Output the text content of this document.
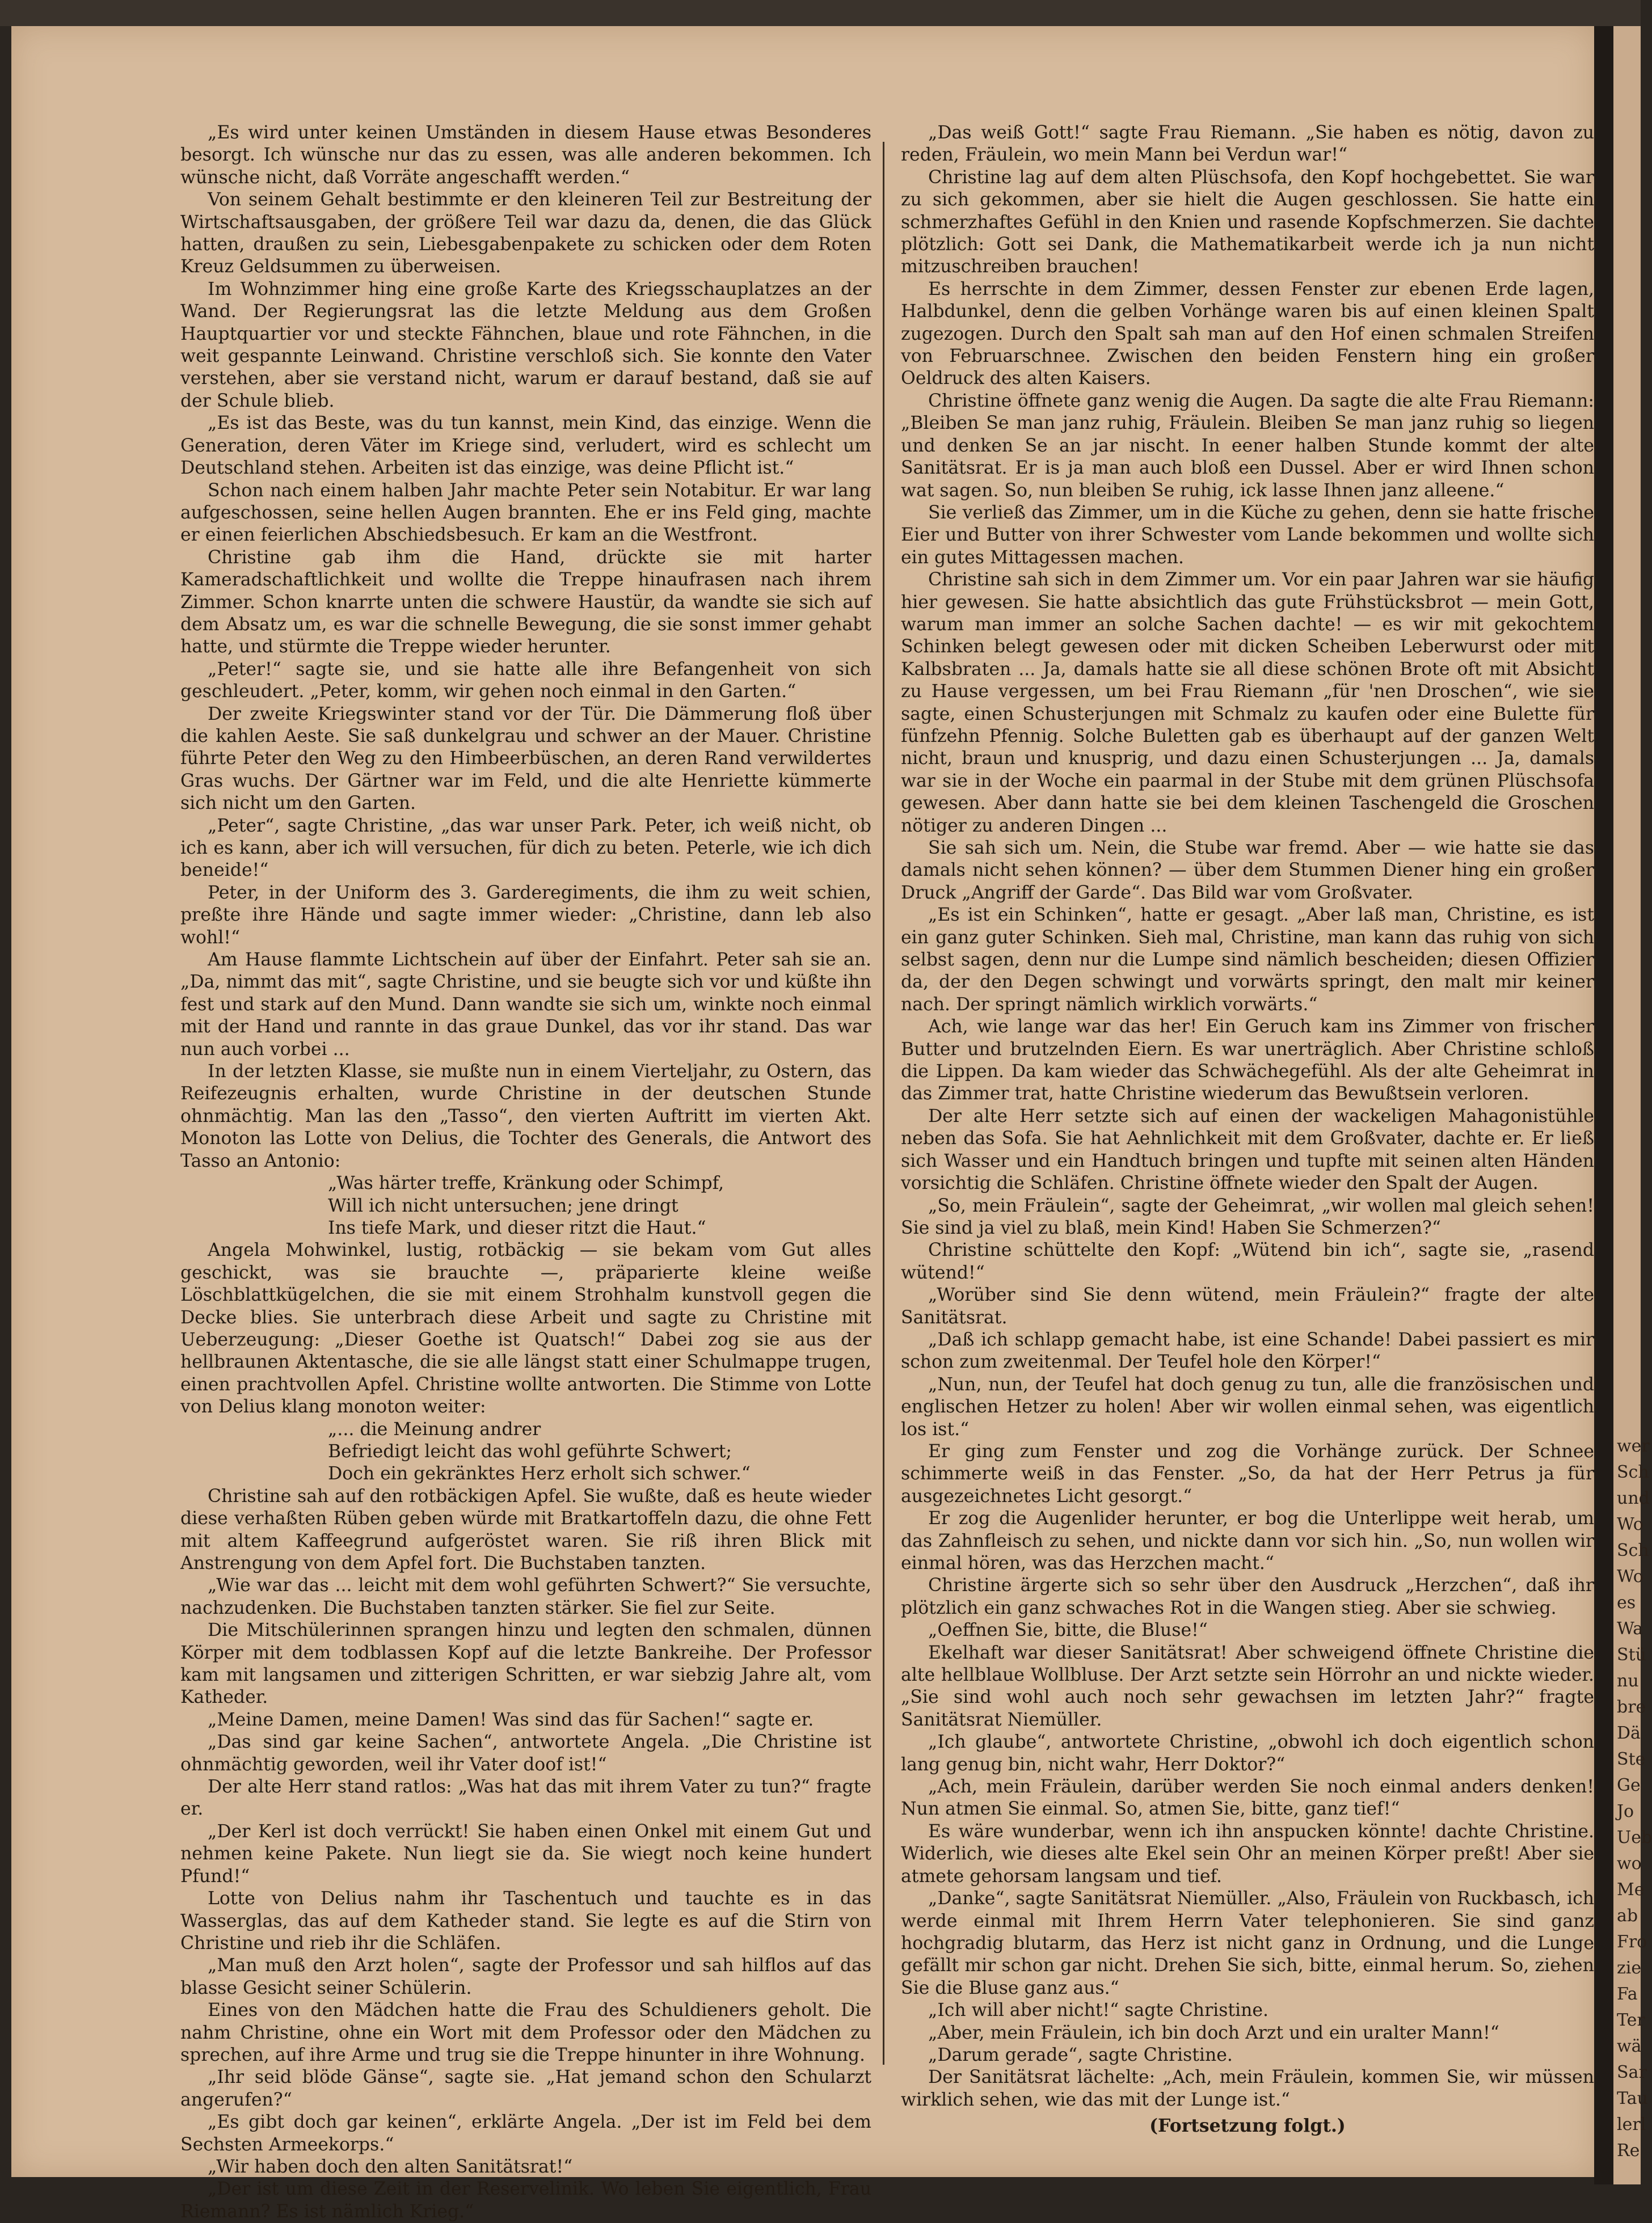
wer
Sch
und
Wo
Sch
Wo
es
Wa
Stü
nu
bre
Dä
Ste
Ge
Jo
Ueb
wo
Me
ab
Fro
zie
Fa
Ter
wä
Sar
Tau
lerl
Re

„Es wird unter keinen Umständen in diesem Hause etwas Besonderes besorgt. Ich wünsche nur das zu essen, was alle anderen bekommen. Ich wünsche nicht, daß Vorräte angeschafft werden.“

Von seinem Gehalt bestimmte er den kleineren Teil zur Bestreitung der Wirtschaftsausgaben, der größere Teil war dazu da, denen, die das Glück hatten, draußen zu sein, Liebesgabenpakete zu schicken oder dem Roten Kreuz Geldsummen zu überweisen.

Im Wohnzimmer hing eine große Karte des Kriegsschauplatzes an der Wand. Der Regierungsrat las die letzte Meldung aus dem Großen Hauptquartier vor und steckte Fähnchen, blaue und rote Fähnchen, in die weit gespannte Leinwand. Christine verschloß sich. Sie konnte den Vater verstehen, aber sie verstand nicht, warum er darauf bestand, daß sie auf der Schule blieb.

„Es ist das Beste, was du tun kannst, mein Kind, das einzige. Wenn die Generation, deren Väter im Kriege sind, verludert, wird es schlecht um Deutschland stehen. Arbeiten ist das einzige, was deine Pflicht ist.“

Schon nach einem halben Jahr machte Peter sein Notabitur. Er war lang aufgeschossen, seine hellen Augen brannten. Ehe er ins Feld ging, machte er einen feierlichen Abschiedsbesuch. Er kam an die Westfront.

Christine gab ihm die Hand, drückte sie mit harter Kameradschaftlichkeit und wollte die Treppe hinaufrasen nach ihrem Zimmer. Schon knarrte unten die schwere Haustür, da wandte sie sich auf dem Absatz um, es war die schnelle Bewegung, die sie sonst immer gehabt hatte, und stürmte die Treppe wieder herunter.

„Peter!“ sagte sie, und sie hatte alle ihre Befangenheit von sich geschleudert. „Peter, komm, wir gehen noch einmal in den Garten.“

Der zweite Kriegswinter stand vor der Tür. Die Dämmerung floß über die kahlen Aeste. Sie saß dunkelgrau und schwer an der Mauer. Christine führte Peter den Weg zu den Himbeerbüschen, an deren Rand verwildertes Gras wuchs. Der Gärtner war im Feld, und die alte Henriette kümmerte sich nicht um den Garten.

„Peter“, sagte Christine, „das war unser Park. Peter, ich weiß nicht, ob ich es kann, aber ich will versuchen, für dich zu beten. Peterle, wie ich dich beneide!“

Peter, in der Uniform des 3. Garderegiments, die ihm zu weit schien, preßte ihre Hände und sagte immer wieder: „Christine, dann leb also wohl!“

Am Hause flammte Lichtschein auf über der Einfahrt. Peter sah sie an. „Da, nimmt das mit“, sagte Christine, und sie beugte sich vor und küßte ihn fest und stark auf den Mund. Dann wandte sie sich um, winkte noch einmal mit der Hand und rannte in das graue Dunkel, das vor ihr stand. Das war nun auch vorbei ...

In der letzten Klasse, sie mußte nun in einem Vierteljahr, zu Ostern, das Reifezeugnis erhalten, wurde Christine in der deutschen Stunde ohnmächtig. Man las den „Tasso“, den vierten Auftritt im vierten Akt. Monoton las Lotte von Delius, die Tochter des Generals, die Antwort des Tasso an Antonio:

„Was härter treffe, Kränkung oder Schimpf,

Will ich nicht untersuchen; jene dringt

Ins tiefe Mark, und dieser ritzt die Haut.“

Angela Mohwinkel, lustig, rotbäckig — sie bekam vom Gut alles geschickt, was sie brauchte —, präparierte kleine weiße Löschblattkügelchen, die sie mit einem Strohhalm kunstvoll gegen die Decke blies. Sie unterbrach diese Arbeit und sagte zu Christine mit Ueberzeugung: „Dieser Goethe ist Quatsch!“ Dabei zog sie aus der hellbraunen Aktentasche, die sie alle längst statt einer Schulmappe trugen, einen prachtvollen Apfel. Christine wollte antworten. Die Stimme von Lotte von Delius klang monoton weiter:

„... die Meinung andrer

Befriedigt leicht das wohl geführte Schwert;

Doch ein gekränktes Herz erholt sich schwer.“

Christine sah auf den rotbäckigen Apfel. Sie wußte, daß es heute wieder diese verhaßten Rüben geben würde mit Bratkartoffeln dazu, die ohne Fett mit altem Kaffeegrund aufgeröstet waren. Sie riß ihren Blick mit Anstrengung von dem Apfel fort. Die Buchstaben tanzten.

„Wie war das ... leicht mit dem wohl geführten Schwert?“ Sie versuchte, nachzudenken. Die Buchstaben tanzten stärker. Sie fiel zur Seite.

Die Mitschülerinnen sprangen hinzu und legten den schmalen, dünnen Körper mit dem todblassen Kopf auf die letzte Bankreihe. Der Professor kam mit langsamen und zitterigen Schritten, er war siebzig Jahre alt, vom Katheder.

„Meine Damen, meine Damen! Was sind das für Sachen!“ sagte er.

„Das sind gar keine Sachen“, antwortete Angela. „Die Christine ist ohnmächtig geworden, weil ihr Vater doof ist!“

Der alte Herr stand ratlos: „Was hat das mit ihrem Vater zu tun?“ fragte er.

„Der Kerl ist doch verrückt! Sie haben einen Onkel mit einem Gut und nehmen keine Pakete. Nun liegt sie da. Sie wiegt noch keine hundert Pfund!“

Lotte von Delius nahm ihr Taschentuch und tauchte es in das Wasserglas, das auf dem Katheder stand. Sie legte es auf die Stirn von Christine und rieb ihr die Schläfen.

„Man muß den Arzt holen“, sagte der Professor und sah hilflos auf das blasse Gesicht seiner Schülerin.

Eines von den Mädchen hatte die Frau des Schuldieners geholt. Die nahm Christine, ohne ein Wort mit dem Professor oder den Mädchen zu sprechen, auf ihre Arme und trug sie die Treppe hinunter in ihre Wohnung.

„Ihr seid blöde Gänse“, sagte sie. „Hat jemand schon den Schularzt angerufen?“

„Es gibt doch gar keinen“, erklärte Angela. „Der ist im Feld bei dem Sechsten Armeekorps.“

„Wir haben doch den alten Sanitätsrat!“

„Der ist um diese Zeit in der Reservelinik. Wo leben Sie eigentlich, Frau Riemann? Es ist nämlich Krieg.“

„Das weiß Gott!“ sagte Frau Riemann. „Sie haben es nötig, davon zu reden, Fräulein, wo mein Mann bei Verdun war!“

Christine lag auf dem alten Plüschsofa, den Kopf hochgebettet. Sie war zu sich gekommen, aber sie hielt die Augen geschlossen. Sie hatte ein schmerzhaftes Gefühl in den Knien und rasende Kopfschmerzen. Sie dachte plötzlich: Gott sei Dank, die Mathematikarbeit werde ich ja nun nicht mitzuschreiben brauchen!

Es herrschte in dem Zimmer, dessen Fenster zur ebenen Erde lagen, Halbdunkel, denn die gelben Vorhänge waren bis auf einen kleinen Spalt zugezogen. Durch den Spalt sah man auf den Hof einen schmalen Streifen von Februarschnee. Zwischen den beiden Fenstern hing ein großer Oeldruck des alten Kaisers.

Christine öffnete ganz wenig die Augen. Da sagte die alte Frau Riemann: „Bleiben Se man janz ruhig, Fräulein. Bleiben Se man janz ruhig so liegen und denken Se an jar nischt. In eener halben Stunde kommt der alte Sanitätsrat. Er is ja man auch bloß een Dussel. Aber er wird Ihnen schon wat sagen. So, nun bleiben Se ruhig, ick lasse Ihnen janz alleene.“

Sie verließ das Zimmer, um in die Küche zu gehen, denn sie hatte frische Eier und Butter von ihrer Schwester vom Lande bekommen und wollte sich ein gutes Mittagessen machen.

Christine sah sich in dem Zimmer um. Vor ein paar Jahren war sie häufig hier gewesen. Sie hatte absichtlich das gute Frühstücksbrot — mein Gott, warum man immer an solche Sachen dachte! — es wir mit gekochtem Schinken belegt gewesen oder mit dicken Scheiben Leberwurst oder mit Kalbsbraten ... Ja, damals hatte sie all diese schönen Brote oft mit Absicht zu Hause vergessen, um bei Frau Riemann „für 'nen Droschen“, wie sie sagte, einen Schusterjungen mit Schmalz zu kaufen oder eine Bulette für fünfzehn Pfennig. Solche Buletten gab es überhaupt auf der ganzen Welt nicht, braun und knusprig, und dazu einen Schusterjungen ... Ja, damals war sie in der Woche ein paarmal in der Stube mit dem grünen Plüschsofa gewesen. Aber dann hatte sie bei dem kleinen Taschengeld die Groschen nötiger zu anderen Dingen ...

Sie sah sich um. Nein, die Stube war fremd. Aber — wie hatte sie das damals nicht sehen können? — über dem Stummen Diener hing ein großer Druck „Angriff der Garde“. Das Bild war vom Großvater.

„Es ist ein Schinken“, hatte er gesagt. „Aber laß man, Christine, es ist ein ganz guter Schinken. Sieh mal, Christine, man kann das ruhig von sich selbst sagen, denn nur die Lumpe sind nämlich bescheiden; diesen Offizier da, der den Degen schwingt und vorwärts springt, den malt mir keiner nach. Der springt nämlich wirklich vorwärts.“

Ach, wie lange war das her! Ein Geruch kam ins Zimmer von frischer Butter und brutzelnden Eiern. Es war unerträglich. Aber Christine schloß die Lippen. Da kam wieder das Schwächegefühl. Als der alte Geheimrat in das Zimmer trat, hatte Christine wiederum das Bewußtsein verloren.

Der alte Herr setzte sich auf einen der wackeligen Mahagonistühle neben das Sofa. Sie hat Aehnlichkeit mit dem Großvater, dachte er. Er ließ sich Wasser und ein Handtuch bringen und tupfte mit seinen alten Händen vorsichtig die Schläfen. Christine öffnete wieder den Spalt der Augen.

„So, mein Fräulein“, sagte der Geheimrat, „wir wollen mal gleich sehen! Sie sind ja viel zu blaß, mein Kind! Haben Sie Schmerzen?“

Christine schüttelte den Kopf: „Wütend bin ich“, sagte sie, „rasend wütend!“

„Worüber sind Sie denn wütend, mein Fräulein?“ fragte der alte Sanitätsrat.

„Daß ich schlapp gemacht habe, ist eine Schande! Dabei passiert es mir schon zum zweitenmal. Der Teufel hole den Körper!“

„Nun, nun, der Teufel hat doch genug zu tun, alle die französischen und englischen Hetzer zu holen! Aber wir wollen einmal sehen, was eigentlich los ist.“

Er ging zum Fenster und zog die Vorhänge zurück. Der Schnee schimmerte weiß in das Fenster. „So, da hat der Herr Petrus ja für ausgezeichnetes Licht gesorgt.“

Er zog die Augenlider herunter, er bog die Unterlippe weit herab, um das Zahnfleisch zu sehen, und nickte dann vor sich hin. „So, nun wollen wir einmal hören, was das Herzchen macht.“

Christine ärgerte sich so sehr über den Ausdruck „Herzchen“, daß ihr plötzlich ein ganz schwaches Rot in die Wangen stieg. Aber sie schwieg.

„Oeffnen Sie, bitte, die Bluse!“

Ekelhaft war dieser Sanitätsrat! Aber schweigend öffnete Christine die alte hellblaue Wollbluse. Der Arzt setzte sein Hörrohr an und nickte wieder. „Sie sind wohl auch noch sehr gewachsen im letzten Jahr?“ fragte Sanitätsrat Niemüller.

„Ich glaube“, antwortete Christine, „obwohl ich doch eigentlich schon lang genug bin, nicht wahr, Herr Doktor?“

„Ach, mein Fräulein, darüber werden Sie noch einmal anders denken! Nun atmen Sie einmal. So, atmen Sie, bitte, ganz tief!“

Es wäre wunderbar, wenn ich ihn anspucken könnte! dachte Christine. Widerlich, wie dieses alte Ekel sein Ohr an meinen Körper preßt! Aber sie atmete gehorsam langsam und tief.

„Danke“, sagte Sanitätsrat Niemüller. „Also, Fräulein von Ruckbasch, ich werde einmal mit Ihrem Herrn Vater telephonieren. Sie sind ganz hochgradig blutarm, das Herz ist nicht ganz in Ordnung, und die Lunge gefällt mir schon gar nicht. Drehen Sie sich, bitte, einmal herum. So, ziehen Sie die Bluse ganz aus.“

„Ich will aber nicht!“ sagte Christine.

„Aber, mein Fräulein, ich bin doch Arzt und ein uralter Mann!“

„Darum gerade“, sagte Christine.

Der Sanitätsrat lächelte: „Ach, mein Fräulein, kommen Sie, wir müssen wirklich sehen, wie das mit der Lunge ist.“

(Fortsetzung folgt.)
